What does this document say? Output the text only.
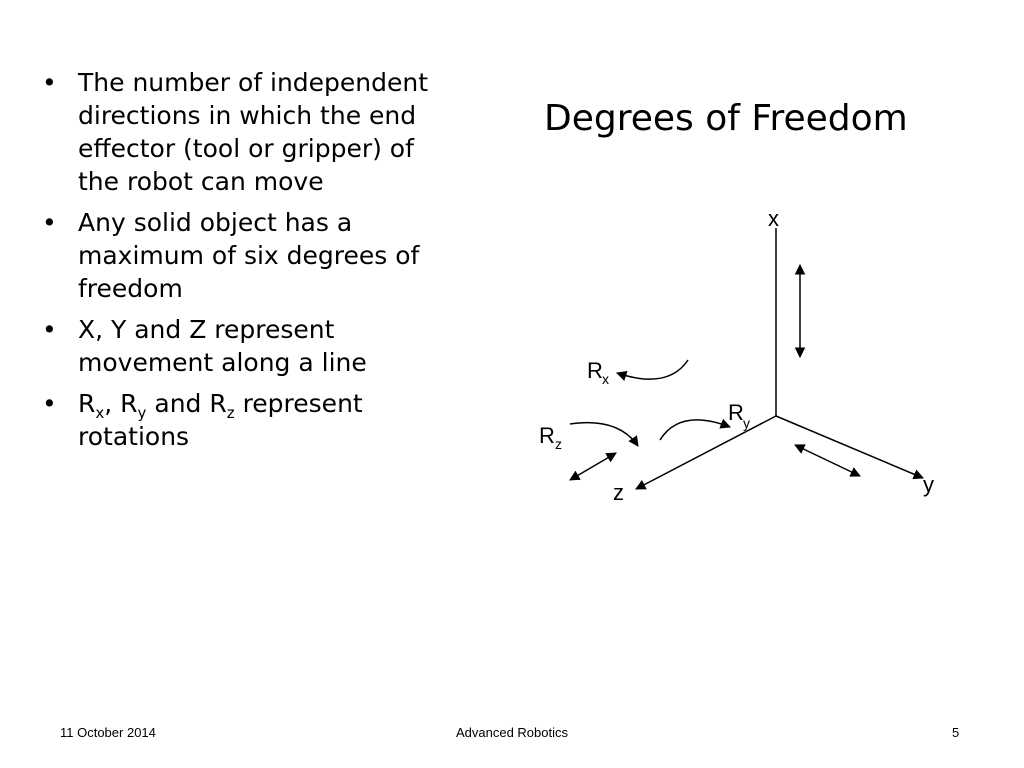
• The number of independent directions in which the end effector (tool or gripper) of the robot can move
• Any solid object has a maximum of six degrees of freedom
• X, Y and Z represent movement along a line
• $R_x$, $R_y$ and $R_z$ represent rotations
Degrees of Freedom
x
y
z
R x
R y
R z
11 October 2014	Advanced Robotics	5
